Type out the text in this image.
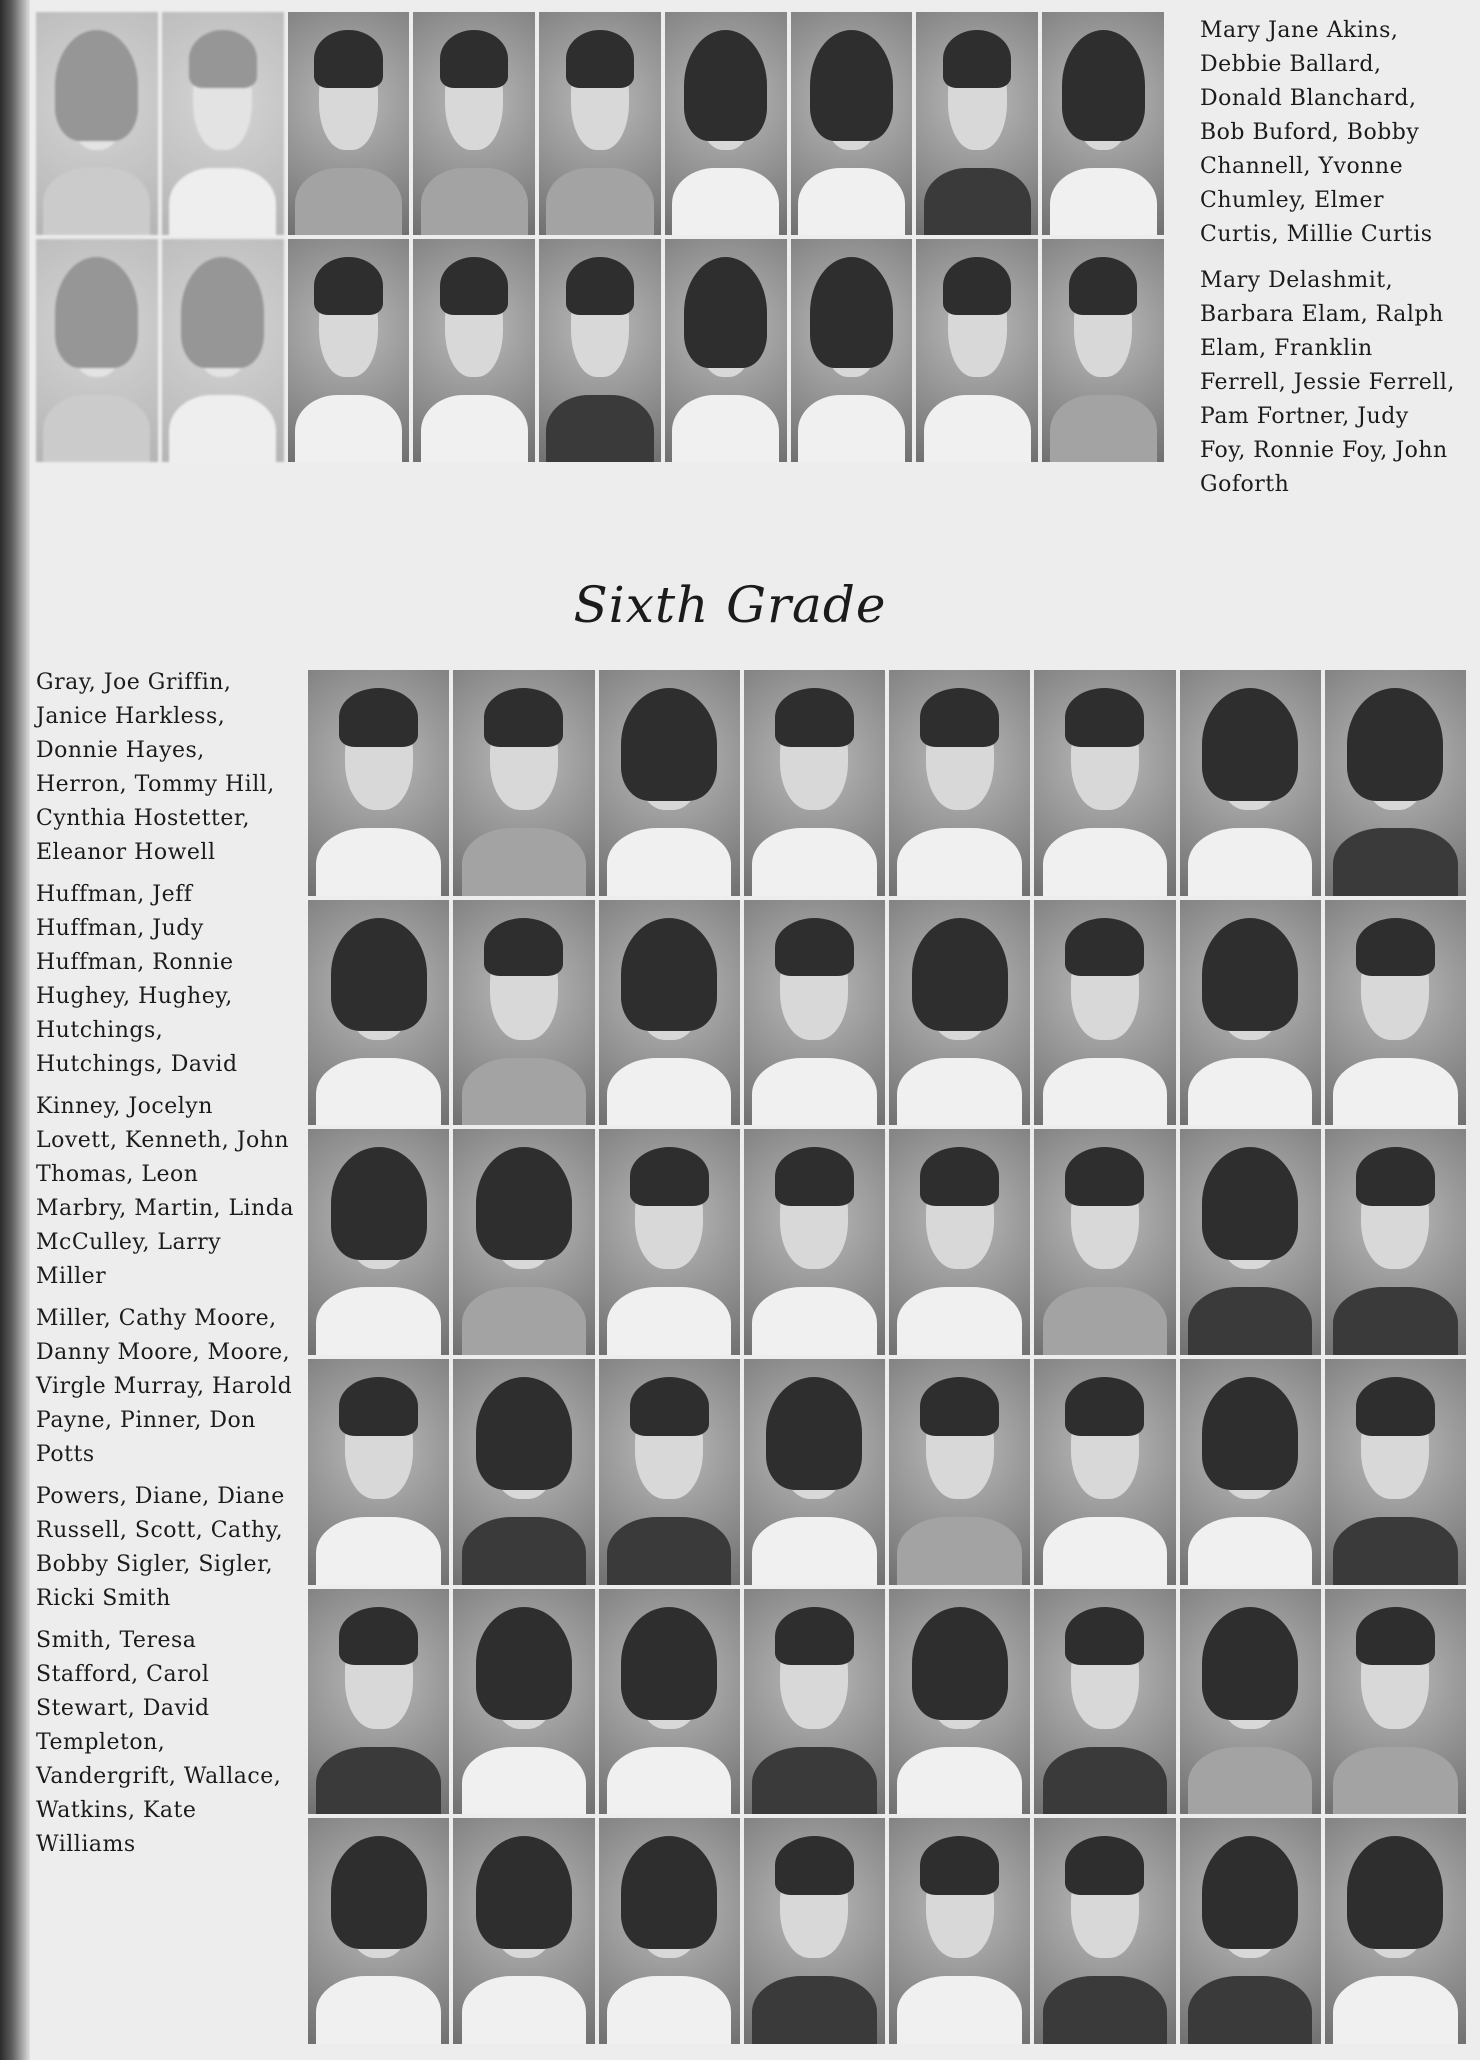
Mary Jane Akins, Debbie Ballard, Donald Blanchard, Bob Buford, Bobby Channell, Yvonne Chumley, Elmer Curtis, Millie Curtis

Mary Delashmit, Barbara Elam, Ralph Elam, Franklin Ferrell, Jessie Ferrell, Pam Fortner, Judy Foy, Ronnie Foy, John Goforth

Sixth Grade

Gray, Joe Griffin, Janice Harkless, Donnie Hayes, Herron, Tommy Hill, Cynthia Hostetter, Eleanor Howell

Huffman, Jeff Huffman, Judy Huffman, Ronnie Hughey, Hughey, Hutchings, Hutchings, David

Kinney, Jocelyn Lovett, Kenneth, John Thomas, Leon Marbry, Martin, Linda McCulley, Larry Miller

Miller, Cathy Moore, Danny Moore, Moore, Virgle Murray, Harold Payne, Pinner, Don Potts

Powers, Diane, Diane Russell, Scott, Cathy, Bobby Sigler, Sigler, Ricki Smith

Smith, Teresa Stafford, Carol Stewart, David Templeton, Vandergrift, Wallace, Watkins, Kate Williams
